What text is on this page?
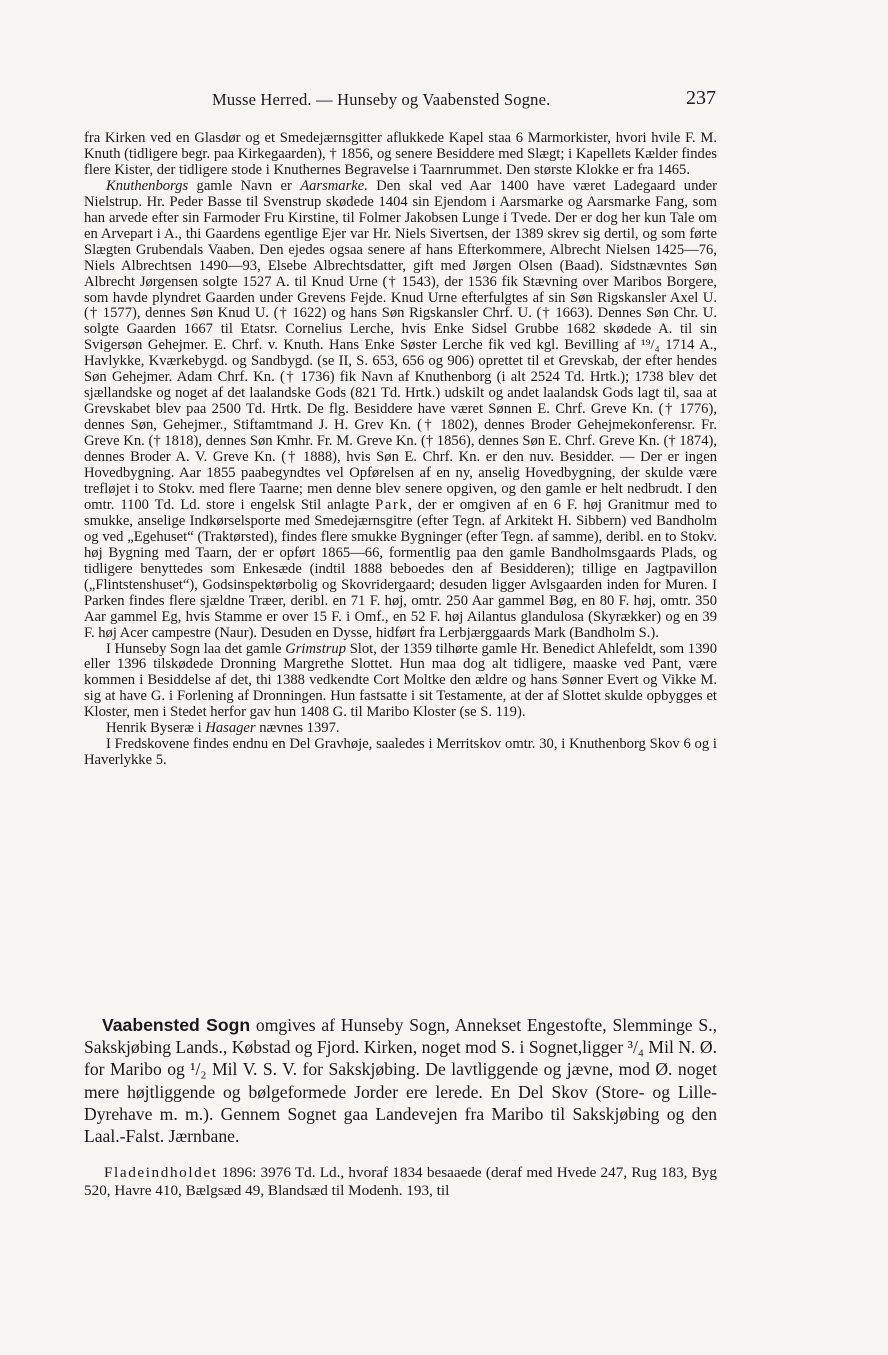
Musse Herred. — Hunseby og Vaabensted Sogne.	237

fra Kirken ved en Glasdør og et Smedejærnsgitter aflukkede Kapel staa 6 Marmorkister, hvori hvile F. M. Knuth (tidligere begr. paa Kirkegaarden), † 1856, og senere Besiddere med Slægt; i Kapellets Kælder findes flere Kister, der tidligere stode i Knuthernes Begravelse i Taarnrummet. Den største Klokke er fra 1465.

Knuthenborgs gamle Navn er Aarsmarke. Den skal ved Aar 1400 have været Ladegaard under Nielstrup. Hr. Peder Basse til Svenstrup skødede 1404 sin Ejendom i Aarsmarke og Aarsmarke Fang, som han arvede efter sin Farmoder Fru Kirstine, til Folmer Jakobsen Lunge i Tvede. Der er dog her kun Tale om en Arvepart i A., thi Gaardens egentlige Ejer var Hr. Niels Sivertsen, der 1389 skrev sig dertil, og som førte Slægten Grubendals Vaaben. Den ejedes ogsaa senere af hans Efterkommere, Albrecht Nielsen 1425—76, Niels Albrechtsen 1490—93, Elsebe Albrechtsdatter, gift med Jørgen Olsen (Baad). Sidstnævntes Søn Albrecht Jørgensen solgte 1527 A. til Knud Urne († 1543), der 1536 fik Stævning over Maribos Borgere, som havde plyndret Gaarden under Grevens Fejde. Knud Urne efterfulgtes af sin Søn Rigskansler Axel U. († 1577), dennes Søn Knud U. († 1622) og hans Søn Rigskansler Chrf. U. († 1663). Dennes Søn Chr. U. solgte Gaarden 1667 til Etatsr. Cornelius Lerche, hvis Enke Sidsel Grubbe 1682 skødede A. til sin Svigersøn Gehejmer. E. Chrf. v. Knuth. Hans Enke Søster Lerche fik ved kgl. Bevilling af ¹⁹/₄ 1714 A., Havlykke, Kværkebygd. og Sandbygd. (se II, S. 653, 656 og 906) oprettet til et Grevskab, der efter hendes Søn Gehejmer. Adam Chrf. Kn. († 1736) fik Navn af Knuthenborg (i alt 2524 Td. Hrtk.); 1738 blev det sjællandske og noget af det laalandske Gods (821 Td. Hrtk.) udskilt og andet laalandsk Gods lagt til, saa at Grevskabet blev paa 2500 Td. Hrtk. De flg. Besiddere have været Sønnen E. Chrf. Greve Kn. († 1776), dennes Søn, Gehejmer., Stiftamtmand J. H. Grev Kn. († 1802), dennes Broder Gehejmekonferensr. Fr. Greve Kn. († 1818), dennes Søn Kmhr. Fr. M. Greve Kn. († 1856), dennes Søn E. Chrf. Greve Kn. († 1874), dennes Broder A. V. Greve Kn. († 1888), hvis Søn E. Chrf. Kn. er den nuv. Besidder. — Der er ingen Hovedbygning. Aar 1855 paabegyndtes vel Opførelsen af en ny, anselig Hovedbygning, der skulde være trefløjet i to Stokv. med flere Taarne; men denne blev senere opgiven, og den gamle er helt nedbrudt. I den omtr. 1100 Td. Ld. store i engelsk Stil anlagte Park, der er omgiven af en 6 F. høj Granitmur med to smukke, anselige Indkørselsporte med Smedejærnsgitre (efter Tegn. af Arkitekt H. Sibbern) ved Bandholm og ved „Egehuset“ (Traktørsted), findes flere smukke Bygninger (efter Tegn. af samme), deribl. en to Stokv. høj Bygning med Taarn, der er opført 1865—66, formentlig paa den gamle Bandholmsgaards Plads, og tidligere benyttedes som Enkesæde (indtil 1888 beboedes den af Besidderen); tillige en Jagtpavillon („Flintstenshuset“), Godsinspektørbolig og Skovridergaard; desuden ligger Avlsgaarden inden for Muren. I Parken findes flere sjældne Træer, deribl. en 71 F. høj, omtr. 250 Aar gammel Bøg, en 80 F. høj, omtr. 350 Aar gammel Eg, hvis Stamme er over 15 F. i Omf., en 52 F. høj Ailantus glandulosa (Skyrækker) og en 39 F. høj Acer campestre (Naur). Desuden en Dysse, hidført fra Lerbjærggaards Mark (Bandholm S.).

I Hunseby Sogn laa det gamle Grimstrup Slot, der 1359 tilhørte gamle Hr. Benedict Ahlefeldt, som 1390 eller 1396 tilskødede Dronning Margrethe Slottet. Hun maa dog alt tidligere, maaske ved Pant, være kommen i Besiddelse af det, thi 1388 vedkendte Cort Moltke den ældre og hans Sønner Evert og Vikke M. sig at have G. i Forlening af Dronningen. Hun fastsatte i sit Testamente, at der af Slottet skulde opbygges et Kloster, men i Stedet herfor gav hun 1408 G. til Maribo Kloster (se S. 119).

Henrik Byseræ i Hasager nævnes 1397.

I Fredskovene findes endnu en Del Gravhøje, saaledes i Merritskov omtr. 30, i Knuthenborg Skov 6 og i Haverlykke 5.

Vaabensted Sogn omgives af Hunseby Sogn, Annekset Engestofte, Slemminge S., Sakskjøbing Lands., Købstad og Fjord. Kirken, noget mod S. i Sognet,ligger ³/₄ Mil N. Ø. for Maribo og ¹/₂ Mil V. S. V. for Sakskjøbing. De lavtliggende og jævne, mod Ø. noget mere højtliggende og bølgeformede Jorder ere lerede. En Del Skov (Store- og Lille-Dyrehave m. m.). Gennem Sognet gaa Landevejen fra Maribo til Sakskjøbing og den Laal.-Falst. Jærnbane.

Fladeindholdet 1896: 3976 Td. Ld., hvoraf 1834 besaaede (deraf med Hvede 247, Rug 183, Byg 520, Havre 410, Bælgsæd 49, Blandsæd til Modenh. 193, til
